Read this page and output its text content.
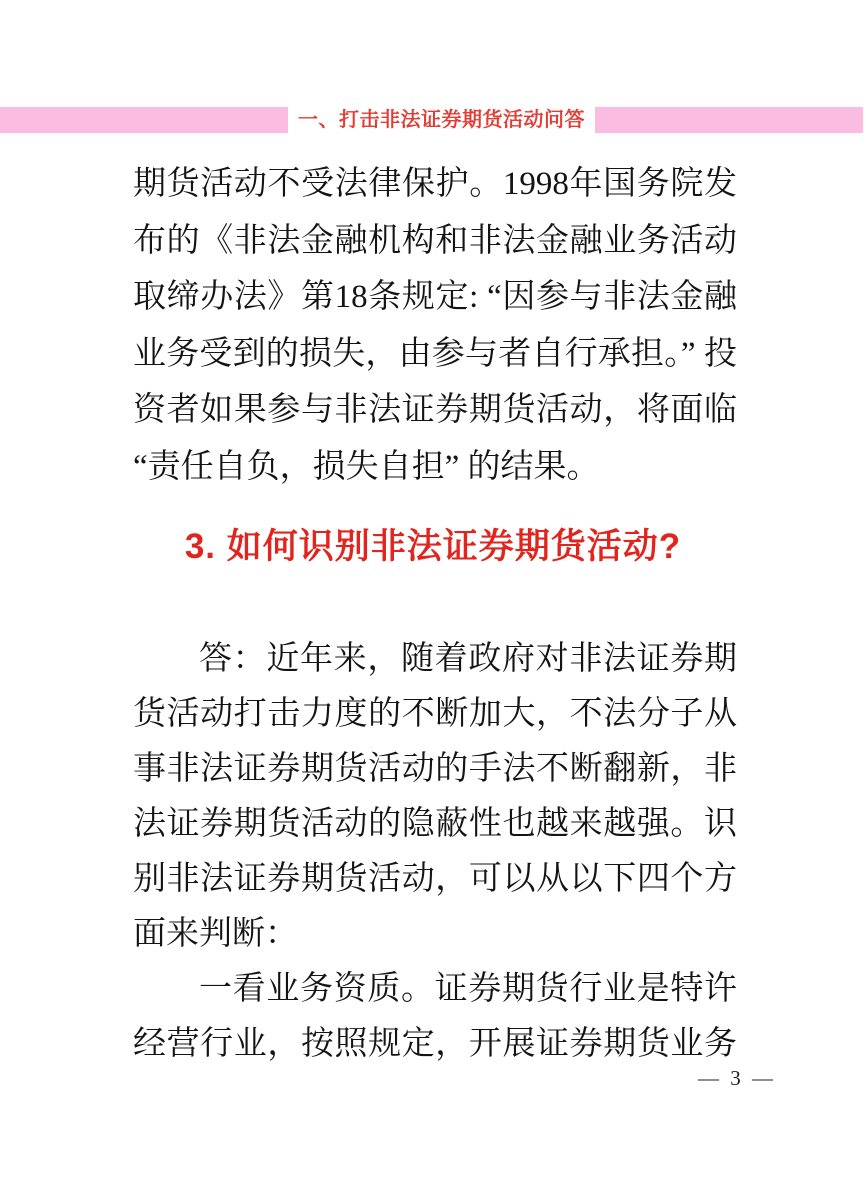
一、打击非法证券期货活动问答
期货活动不受法律保护。1998年国务院发
布的《非法金融机构和非法金融业务活动
取缔办法》第18条规定: “因参与非法金融
业务受到的损失，由参与者自行承担。” 投
资者如果参与非法证券期货活动，将面临
“责任自负，损失自担” 的结果。
3. 如何识别非法证券期货活动?
答：近年来，随着政府对非法证券期
货活动打击力度的不断加大，不法分子从
事非法证券期货活动的手法不断翻新，非
法证券期货活动的隐蔽性也越来越强。识
别非法证券期货活动，可以从以下四个方
面来判断：
一看业务资质。证券期货行业是特许
经营行业，按照规定，开展证券期货业务
— 3 —
